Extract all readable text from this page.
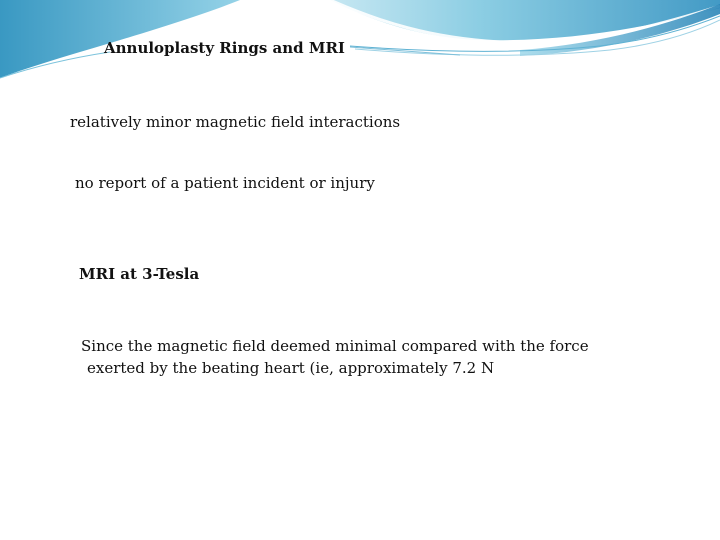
Annuloplasty Rings and MRI

relatively minor magnetic field interactions

no report of a patient incident or injury

MRI at 3-Tesla

Since the magnetic field deemed minimal compared with the force

exerted by the beating heart (ie, approximately 7.2 N
